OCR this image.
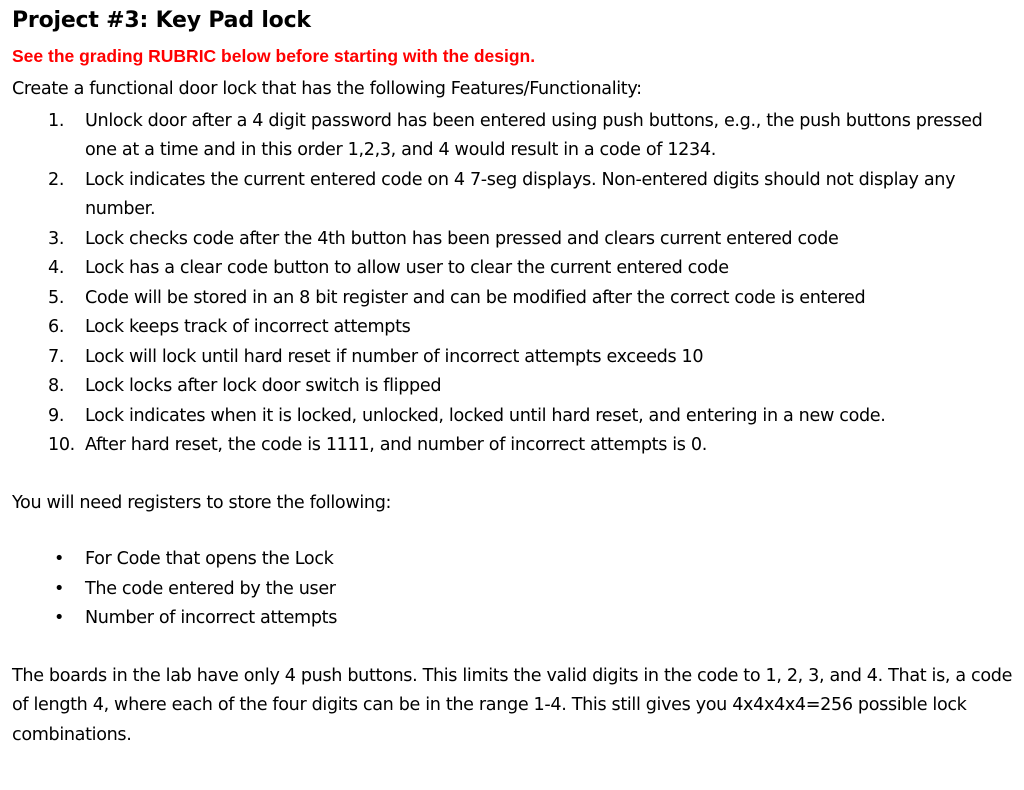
Project #3: Key Pad lock

See the grading RUBRIC below before starting with the design.

Create a functional door lock that has the following Features/Functionality:

1. Unlock door after a 4 digit password has been entered using push buttons, e.g., the push buttons pressed one at a time and in this order 1,2,3, and 4 would result in a code of 1234.
2. Lock indicates the current entered code on 4 7-seg displays. Non-entered digits should not display any number.
3. Lock checks code after the 4th button has been pressed and clears current entered code
4. Lock has a clear code button to allow user to clear the current entered code
5. Code will be stored in an 8 bit register and can be modified after the correct code is entered
6. Lock keeps track of incorrect attempts
7. Lock will lock until hard reset if number of incorrect attempts exceeds 10
8. Lock locks after lock door switch is flipped
9. Lock indicates when it is locked, unlocked, locked until hard reset, and entering in a new code.
10. After hard reset, the code is 1111, and number of incorrect attempts is 0.

You will need registers to store the following:

• For Code that opens the Lock
• The code entered by the user
• Number of incorrect attempts

The boards in the lab have only 4 push buttons. This limits the valid digits in the code to 1, 2, 3, and 4. That is, a code of length 4, where each of the four digits can be in the range 1-4. This still gives you 4x4x4x4=256 possible lock combinations.
